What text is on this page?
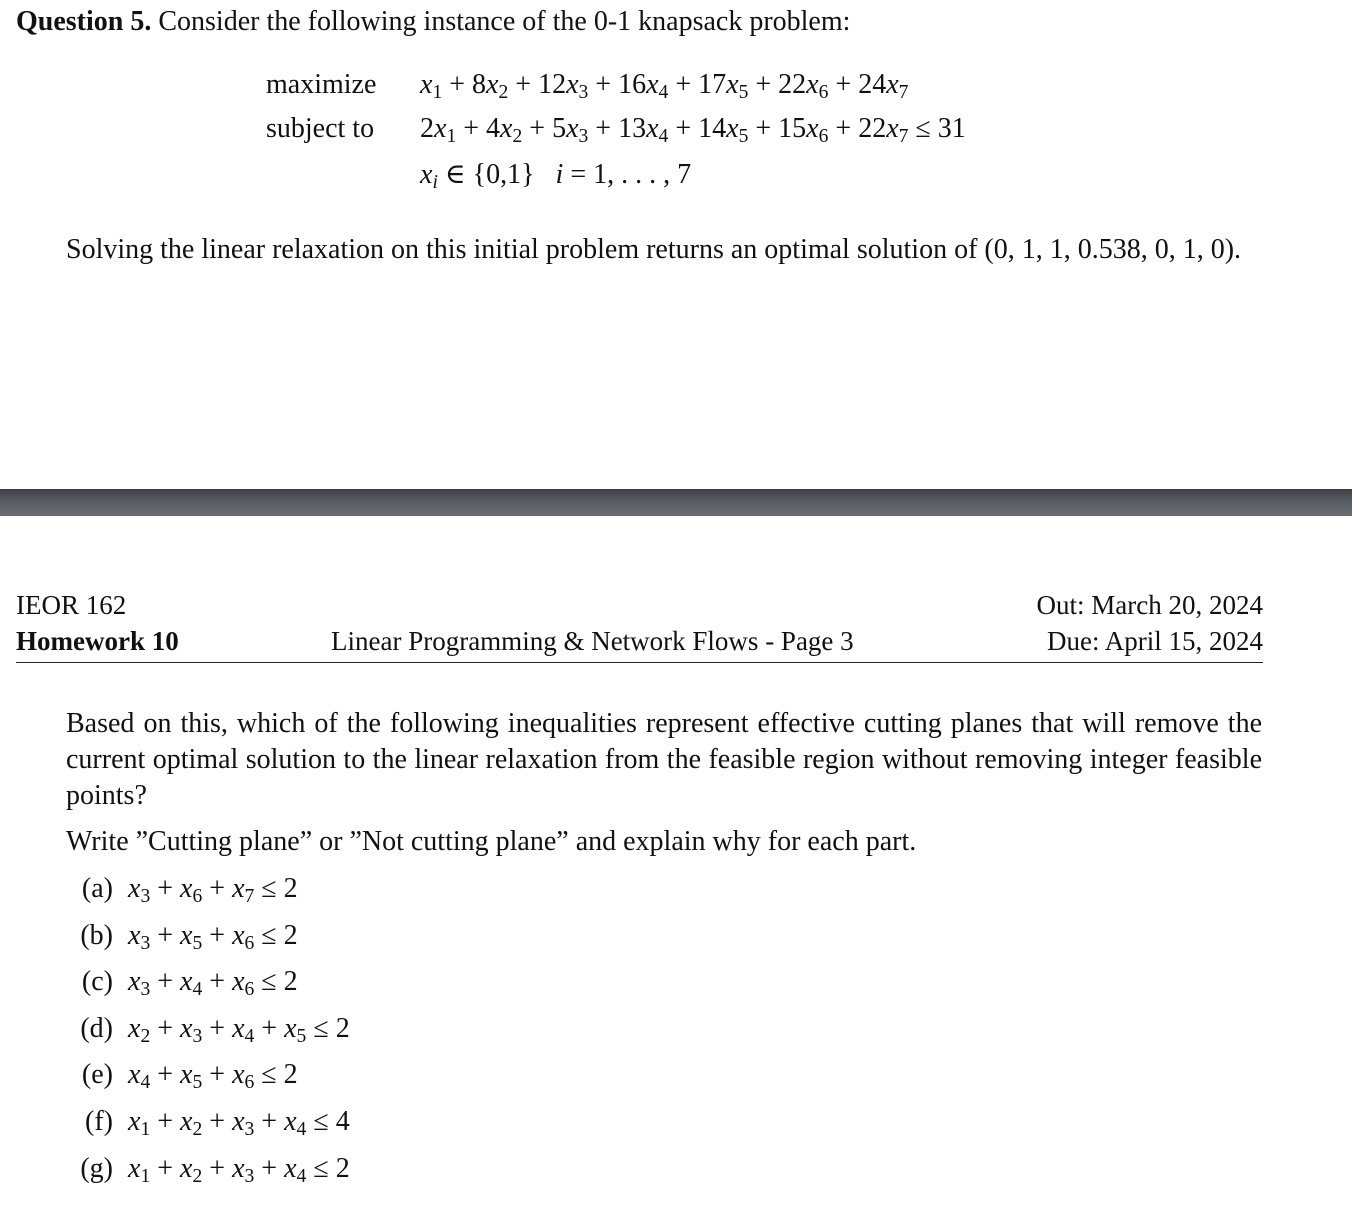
Question 5. Consider the following instance of the 0-1 knapsack problem:
maximize
subject to
$x_1 + 8x_2 + 12x_3 + 16x_4 + 17x_5 + 22x_6 + 24x_7$
$2x_1 + 4x_2 + 5x_3 + 13x_4 + 14x_5 + 15x_6 + 22x_7 \le 31$
$x_i$ ∈ {0,1}   i = 1, . . . , 7
Solving the linear relaxation on this initial problem returns an optimal solution of (0, 1, 1, 0.538, 0, 1, 0).
IEOR 162
Homework 10	Linear Programming & Network Flows - Page 3
Out: March 20, 2024
Due: April 15, 2024
Based on this, which of the following inequalities represent effective cutting planes that will remove the current optimal solution to the linear relaxation from the feasible region without removing integer feasible points?
Write ”Cutting plane” or ”Not cutting plane” and explain why for each part.
(a) $x_3 + x_6 + x_7 \le 2$
(b) $x_3 + x_5 + x_6 \le 2$
(c) $x_3 + x_4 + x_6 \le 2$
(d) $x_2 + x_3 + x_4 + x_5 \le 2$
(e) $x_4 + x_5 + x_6 \le 2$
(f) $x_1 + x_2 + x_3 + x_4 \le 4$
(g) $x_1 + x_2 + x_3 + x_4 \le 2$
